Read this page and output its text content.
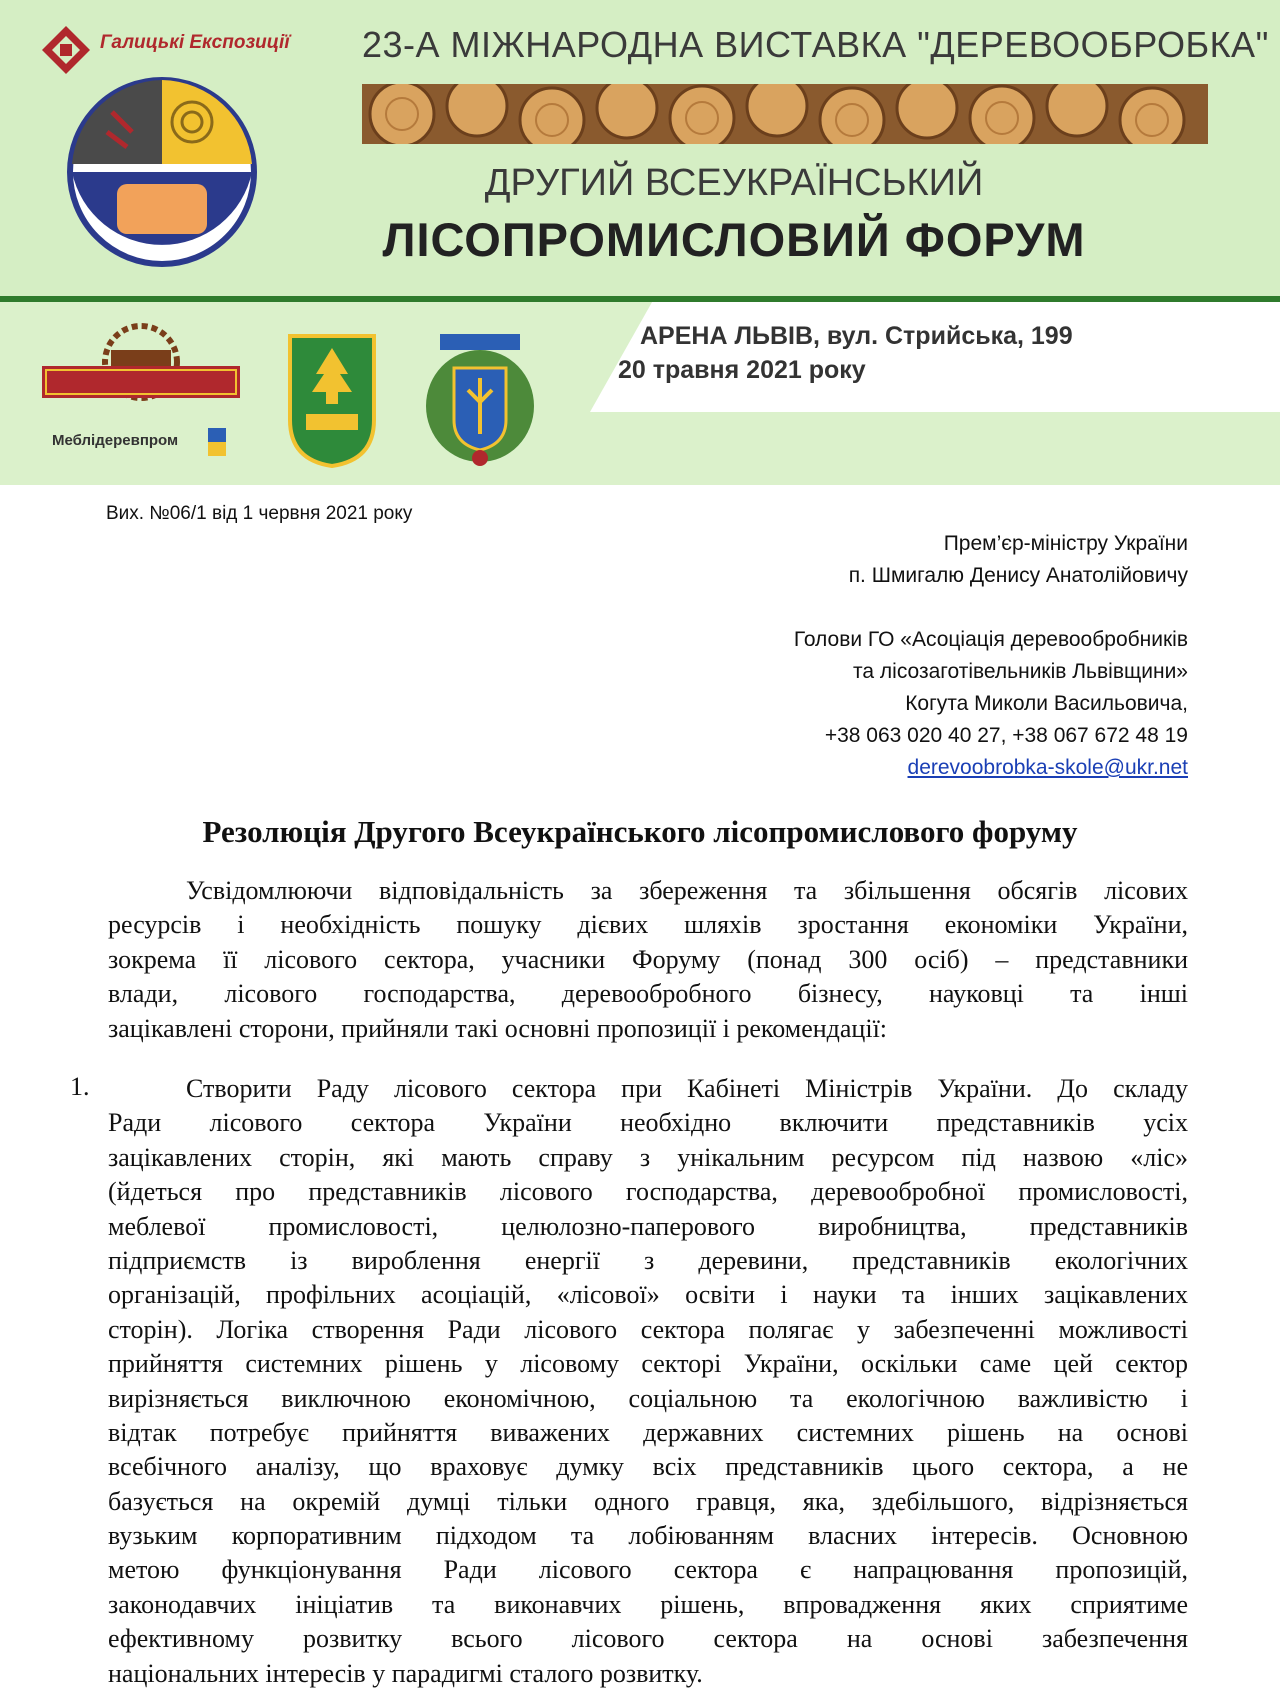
Галицькі Експозиції 23-А МІЖНАРОДНА ВИСТАВКА "ДЕРЕВООБРОБКА"
ДРУГИЙ ВСЕУКРАЇНСЬКИЙ
ЛІСОПРОМИСЛОВИЙ ФОРУМ
Меблідеревпром
АРЕНА ЛЬВІВ, вул. Стрийська, 199
20 травня 2021 року
Вих. №06/1 від 1 червня 2021 року
Прем’єр-міністру України
п. Шмигалю Денису Анатолійовичу
Голови ГО «Асоціація деревообробників
та лісозаготівельників Львівщини»
Когута Миколи Васильовича,
+38 063 020 40 27, +38 067 672 48 19
derevoobrobka-skole@ukr.net
Резолюція Другого Всеукраїнського лісопромислового форуму
Усвідомлюючи відповідальність за збереження та збільшення обсягів лісових
ресурсів і необхідність пошуку дієвих шляхів зростання економіки України,
зокрема її лісового сектора, учасники Форуму (понад 300 осіб) – представники
влади, лісового господарства, деревообробного бізнесу, науковці та інші
зацікавлені сторони, прийняли такі основні пропозиції і рекомендації:
1.	Створити Раду лісового сектора при Кабінеті Міністрів України. До складу
Ради лісового сектора України необхідно включити представників усіх
зацікавлених сторін, які мають справу з унікальним ресурсом під назвою «ліс»
(йдеться про представників лісового господарства, деревообробної промисловості,
меблевої промисловості, целюлозно-паперового виробництва, представників
підприємств із вироблення енергії з деревини, представників екологічних
організацій, профільних асоціацій, «лісової» освіти і науки та інших зацікавлених
сторін). Логіка створення Ради лісового сектора полягає у забезпеченні можливості
прийняття системних рішень у лісовому секторі України, оскільки саме цей сектор
вирізняється виключною економічною, соціальною та екологічною важливістю і
відтак потребує прийняття виважених державних системних рішень на основі
всебічного аналізу, що враховує думку всіх представників цього сектора, а не
базується на окремій думці тільки одного гравця, яка, здебільшого, відрізняється
вузьким корпоративним підходом та лобіюванням власних інтересів. Основною
метою функціонування Ради лісового сектора є напрацювання пропозицій,
законодавчих ініціатив та виконавчих рішень, впровадження яких сприятиме
ефективному розвитку всього лісового сектора на основі забезпечення
національних інтересів у парадигмі сталого розвитку.
